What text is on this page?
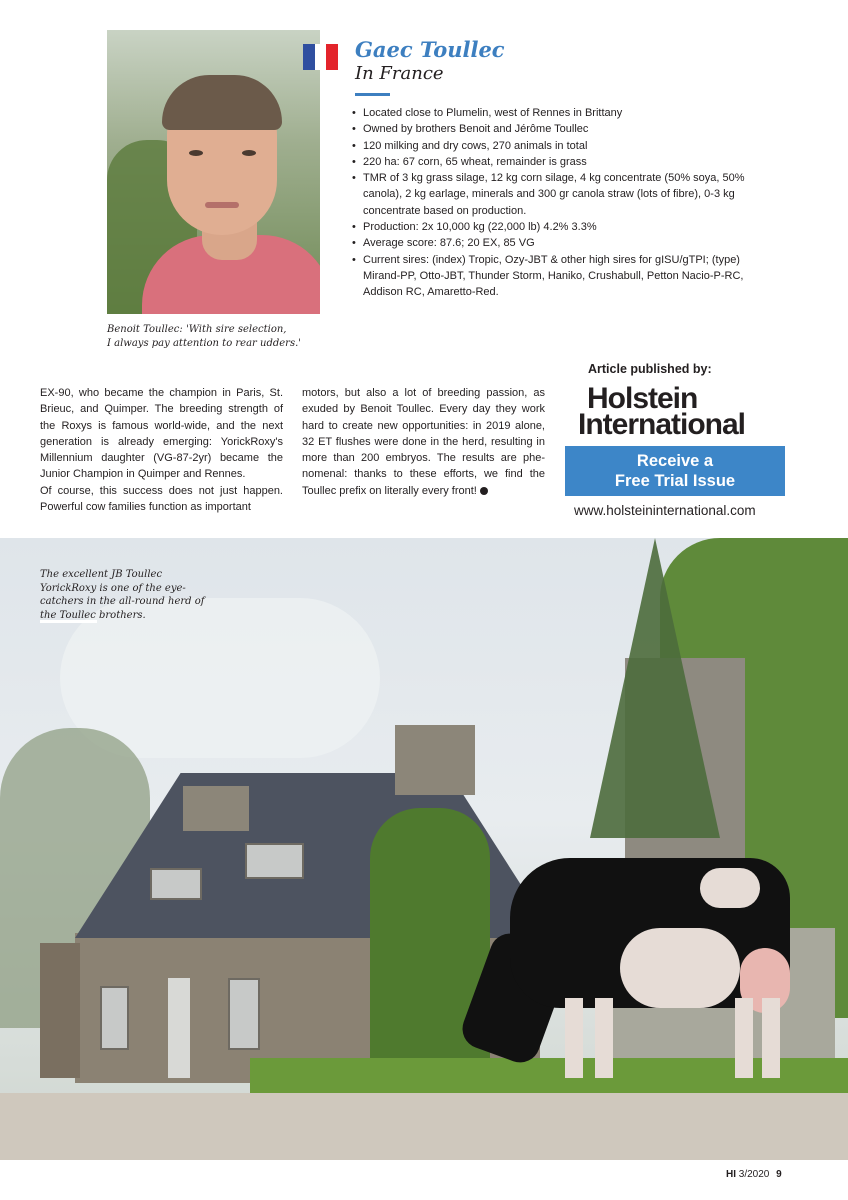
Benoit Toullec: 'With sire selection,
I always pay attention to rear udders.'
Gaec Toullec
In France
• Located close to Plumelin, west of Rennes in Brittany
• Owned by brothers Benoit and Jérôme Toullec
• 120 milking and dry cows, 270 animals in total
• 220 ha: 67 corn, 65 wheat, remainder is grass
• TMR of 3 kg grass silage, 12 kg corn silage, 4 kg concentrate (50% soya, 50% canola), 2 kg earlage, minerals and 300 gr canola straw (lots of fibre), 0-3 kg concentrate based on production.
• Production: 2x 10,000 kg (22,000 lb) 4.2% 3.3%
• Average score: 87.6; 20 EX, 85 VG
• Current sires: (index) Tropic, Ozy-JBT & other high sires for gISU/gTPI; (type) Mirand-PP, Otto-JBT, Thunder Storm, Haniko, Crushabull, Petton Nacio-P-RC, Addison RC, Amaretto-Red.

EX-90, who became the champion in Paris, St. Brieuc, and Quimper. The breeding strength of the Roxys is famous world-wide, and the next generation is already emerging: YorickRoxy's Millennium daughter (VG-87-2yr) became the Junior Champion in Quimper and Rennes.

Of course, this success does not just happen. Powerful cow families function as important

motors, but also a lot of breeding passion, as exuded by Benoit Toullec. Every day they work hard to create new opportunities: in 2019 alone, 32 ET flushes were done in the herd, resulting in more than 200 embryos. The results are phe-nomenal: thanks to these efforts, we find the Toullec prefix on literally every front!

Article published by:
Holstein
International
Receive a
Free Trial Issue
www.holsteininternational.com
The excellent JB Toullec YorickRoxy is one of the eye-catchers in the all-round herd of the Toullec brothers.
HI 3/2020 9
